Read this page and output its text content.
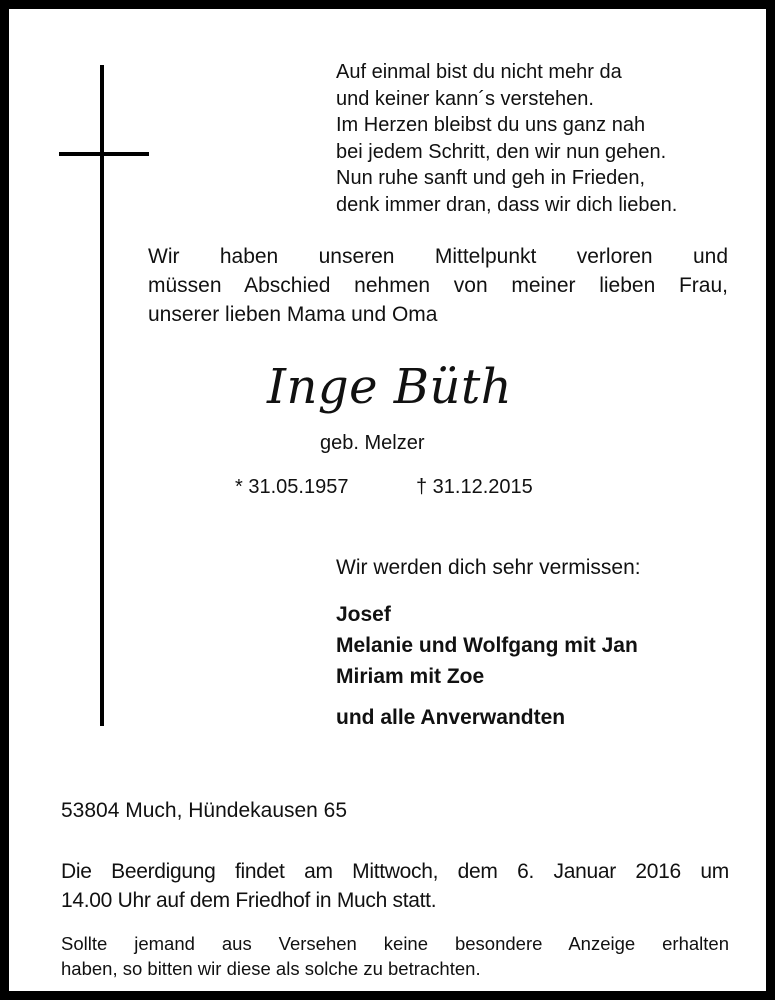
Auf einmal bist du nicht mehr da
und keiner kann´s verstehen.
Im Herzen bleibst du uns ganz nah
bei jedem Schritt, den wir nun gehen.
Nun ruhe sanft und geh in Frieden,
denk immer dran, dass wir dich lieben.
Wir haben unseren Mittelpunkt verloren und
müssen Abschied nehmen von meiner lieben Frau,
unserer lieben Mama und Oma
Inge Büth
geb. Melzer
* 31.05.1957	† 31.12.2015
Wir werden dich sehr vermissen:
Josef
Melanie und Wolfgang mit Jan
Miriam mit Zoe
und alle Anverwandten
53804 Much, Hündekausen 65
Die Beerdigung findet am Mittwoch, dem 6. Januar 2016 um
14.00 Uhr auf dem Friedhof in Much statt.
Sollte jemand aus Versehen keine besondere Anzeige erhalten
haben, so bitten wir diese als solche zu betrachten.
